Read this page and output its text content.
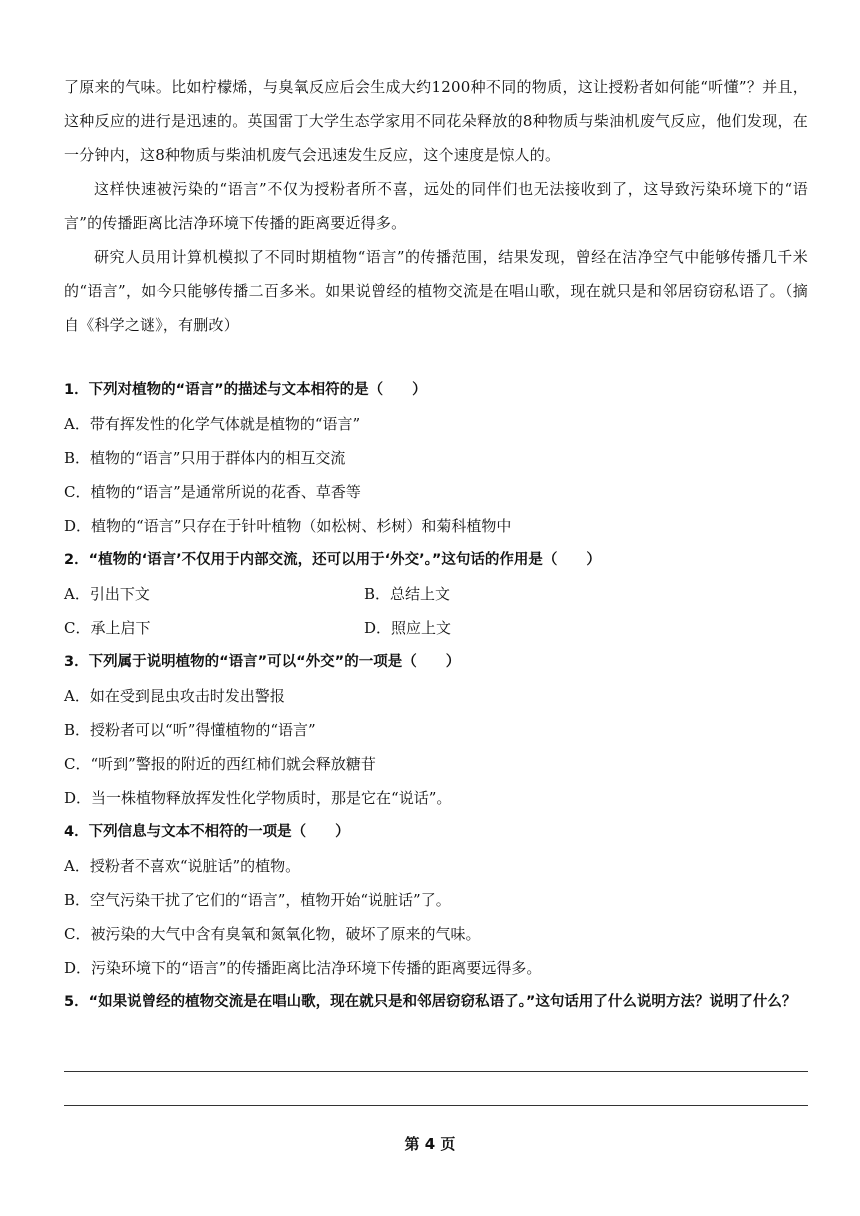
了原来的气味。比如柠檬烯，与臭氧反应后会生成大约1200种不同的物质，这让授粉者如何能“听懂”？并且，这种反应的进行是迅速的。英国雷丁大学生态学家用不同花朵释放的8种物质与柴油机废气反应，他们发现，在一分钟内，这8种物质与柴油机废气会迅速发生反应，这个速度是惊人的。

这样快速被污染的“语言”不仅为授粉者所不喜，远处的同伴们也无法接收到了，这导致污染环境下的“语言”的传播距离比洁净环境下传播的距离要近得多。

研究人员用计算机模拟了不同时期植物“语言”的传播范围，结果发现，曾经在洁净空气中能够传播几千米的“语言”，如今只能够传播二百多米。如果说曾经的植物交流是在唱山歌，现在就只是和邻居窃窃私语了。（摘自《科学之谜》，有删改）

1．下列对植物的“语言”的描述与文本相符的是（　　）
A．带有挥发性的化学气体就是植物的“语言”
B．植物的“语言”只用于群体内的相互交流
C．植物的“语言”是通常所说的花香、草香等
D．植物的“语言”只存在于针叶植物（如松树、杉树）和菊科植物中
2．“植物的‘语言’不仅用于内部交流，还可以用于‘外交’。”这句话的作用是（　　）
A．引出下文	B．总结上文
C．承上启下	D．照应上文
3．下列属于说明植物的“语言”可以“外交”的一项是（　　）
A．如在受到昆虫攻击时发出警报
B．授粉者可以“听”得懂植物的“语言”
C．“听到”警报的附近的西红柿们就会释放糖苷
D．当一株植物释放挥发性化学物质时，那是它在“说话”。
4．下列信息与文本不相符的一项是（　　）
A．授粉者不喜欢“说脏话”的植物。
B．空气污染干扰了它们的“语言”，植物开始“说脏话”了。
C．被污染的大气中含有臭氧和氮氧化物，破坏了原来的气味。
D．污染环境下的“语言”的传播距离比洁净环境下传播的距离要远得多。
5．“如果说曾经的植物交流是在唱山歌，现在就只是和邻居窃窃私语了。”这句话用了什么说明方法？说明了什么？
第 4 页
